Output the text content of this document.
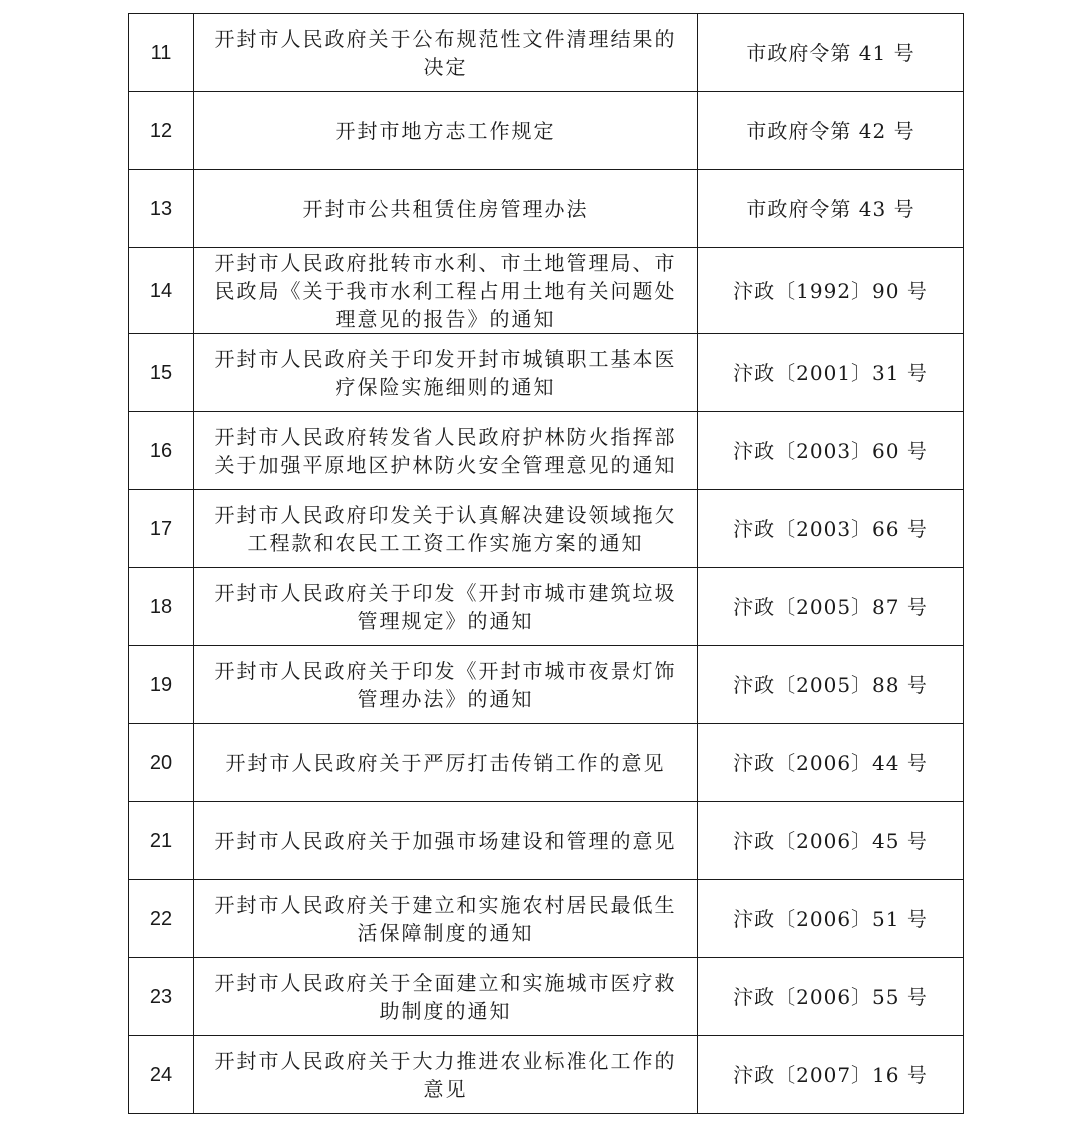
11	开封市人民政府关于公布规范性文件清理结果的决定	市政府令第 41 号
12	开封市地方志工作规定	市政府令第 42 号
13	开封市公共租赁住房管理办法	市政府令第 43 号
14	开封市人民政府批转市水利、市土地管理局、市民政局《关于我市水利工程占用土地有关问题处理意见的报告》的通知	汴政〔1992〕90 号
15	开封市人民政府关于印发开封市城镇职工基本医疗保险实施细则的通知	汴政〔2001〕31 号
16	开封市人民政府转发省人民政府护林防火指挥部关于加强平原地区护林防火安全管理意见的通知	汴政〔2003〕60 号
17	开封市人民政府印发关于认真解决建设领域拖欠工程款和农民工工资工作实施方案的通知	汴政〔2003〕66 号
18	开封市人民政府关于印发《开封市城市建筑垃圾管理规定》的通知	汴政〔2005〕87 号
19	开封市人民政府关于印发《开封市城市夜景灯饰管理办法》的通知	汴政〔2005〕88 号
20	开封市人民政府关于严厉打击传销工作的意见	汴政〔2006〕44 号
21	开封市人民政府关于加强市场建设和管理的意见	汴政〔2006〕45 号
22	开封市人民政府关于建立和实施农村居民最低生活保障制度的通知	汴政〔2006〕51 号
23	开封市人民政府关于全面建立和实施城市医疗救助制度的通知	汴政〔2006〕55 号
24	开封市人民政府关于大力推进农业标准化工作的意见	汴政〔2007〕16 号
